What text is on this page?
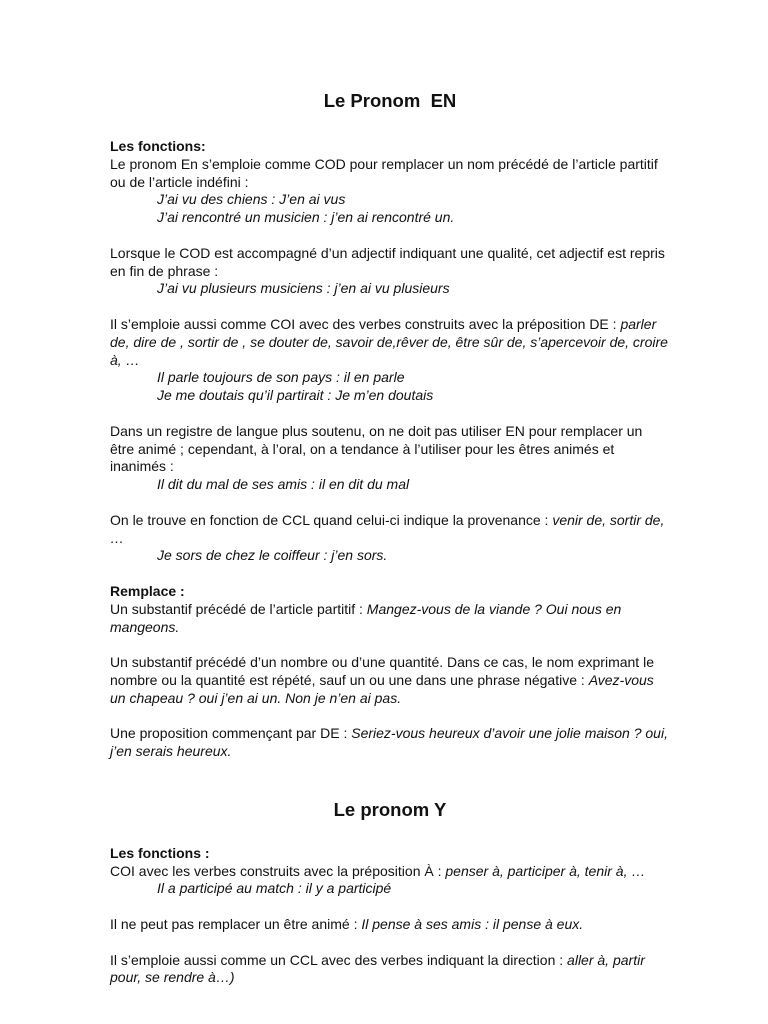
Le Pronom  EN

Les fonctions:
Le pronom En s’emploie comme COD pour remplacer un nom précédé de l’article partitif ou de l’article indéfini :
J’ai vu des chiens : J’en ai vus
J’ai rencontré un musicien : j’en ai rencontré un.

Lorsque le COD est accompagné d’un adjectif indiquant une qualité, cet adjectif est repris en fin de phrase :
J’ai vu plusieurs musiciens : j’en ai vu plusieurs

Il s’emploie aussi comme COI avec des verbes construits avec la préposition DE : parler de, dire de , sortir de , se douter de, savoir de,rêver de, être sûr de, s’apercevoir de, croire à, …
Il parle toujours de son pays : il en parle
Je me doutais qu’il partirait : Je m’en doutais

Dans un registre de langue plus soutenu, on ne doit pas utiliser EN pour remplacer un être animé ; cependant, à l’oral, on a tendance à l’utiliser pour les êtres animés et inanimés :
Il dit du mal de ses amis : il en dit du mal

On le trouve en fonction de CCL quand celui-ci indique la provenance : venir de, sortir de, …
Je sors de chez le coiffeur : j’en sors.

Remplace :
Un substantif précédé de l’article partitif : Mangez-vous de la viande ? Oui nous en mangeons.

Un substantif précédé d’un nombre ou d’une quantité. Dans ce cas, le nom exprimant le nombre ou la quantité est répété, sauf un ou une dans une phrase négative : Avez-vous un chapeau ? oui j’en ai un. Non je n’en ai pas.

Une proposition commençant par DE : Seriez-vous heureux d’avoir une jolie maison ? oui, j’en serais heureux.

Le pronom Y

Les fonctions :
COI avec les verbes construits avec la préposition À : penser à, participer à, tenir à, …
Il a participé au match : il y a participé

Il ne peut pas remplacer un être animé : Il pense à ses amis : il pense à eux.

Il s’emploie aussi comme un CCL avec des verbes indiquant la direction : aller à, partir pour, se rendre à…)
